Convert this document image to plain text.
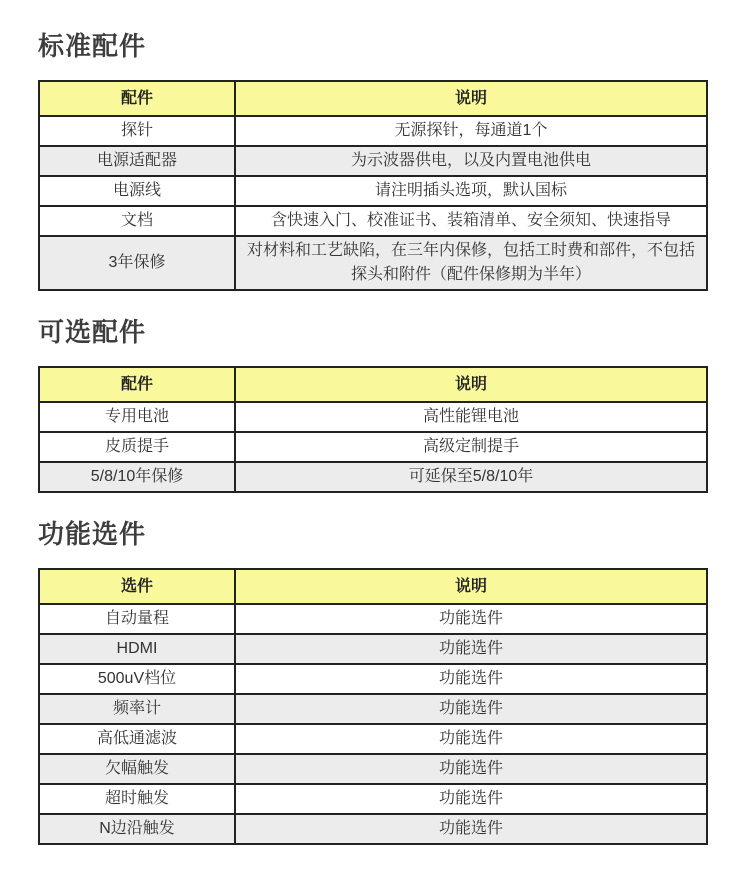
标准配件
配件	说明
探针	无源探针，每通道1个
电源适配器	为示波器供电，以及内置电池供电
电源线	请注明插头选项，默认国标
文档	含快速入门、校准证书、装箱清单、安全须知、快速指导
3年保修	对材料和工艺缺陷，在三年内保修，包括工时费和部件，不包括探头和附件（配件保修期为半年）
可选配件
配件	说明
专用电池	高性能锂电池
皮质提手	高级定制提手
5/8/10年保修	可延保至5/8/10年
功能选件
选件	说明
自动量程	功能选件
HDMI	功能选件
500uV档位	功能选件
频率计	功能选件
高低通滤波	功能选件
欠幅触发	功能选件
超时触发	功能选件
N边沿触发	功能选件
